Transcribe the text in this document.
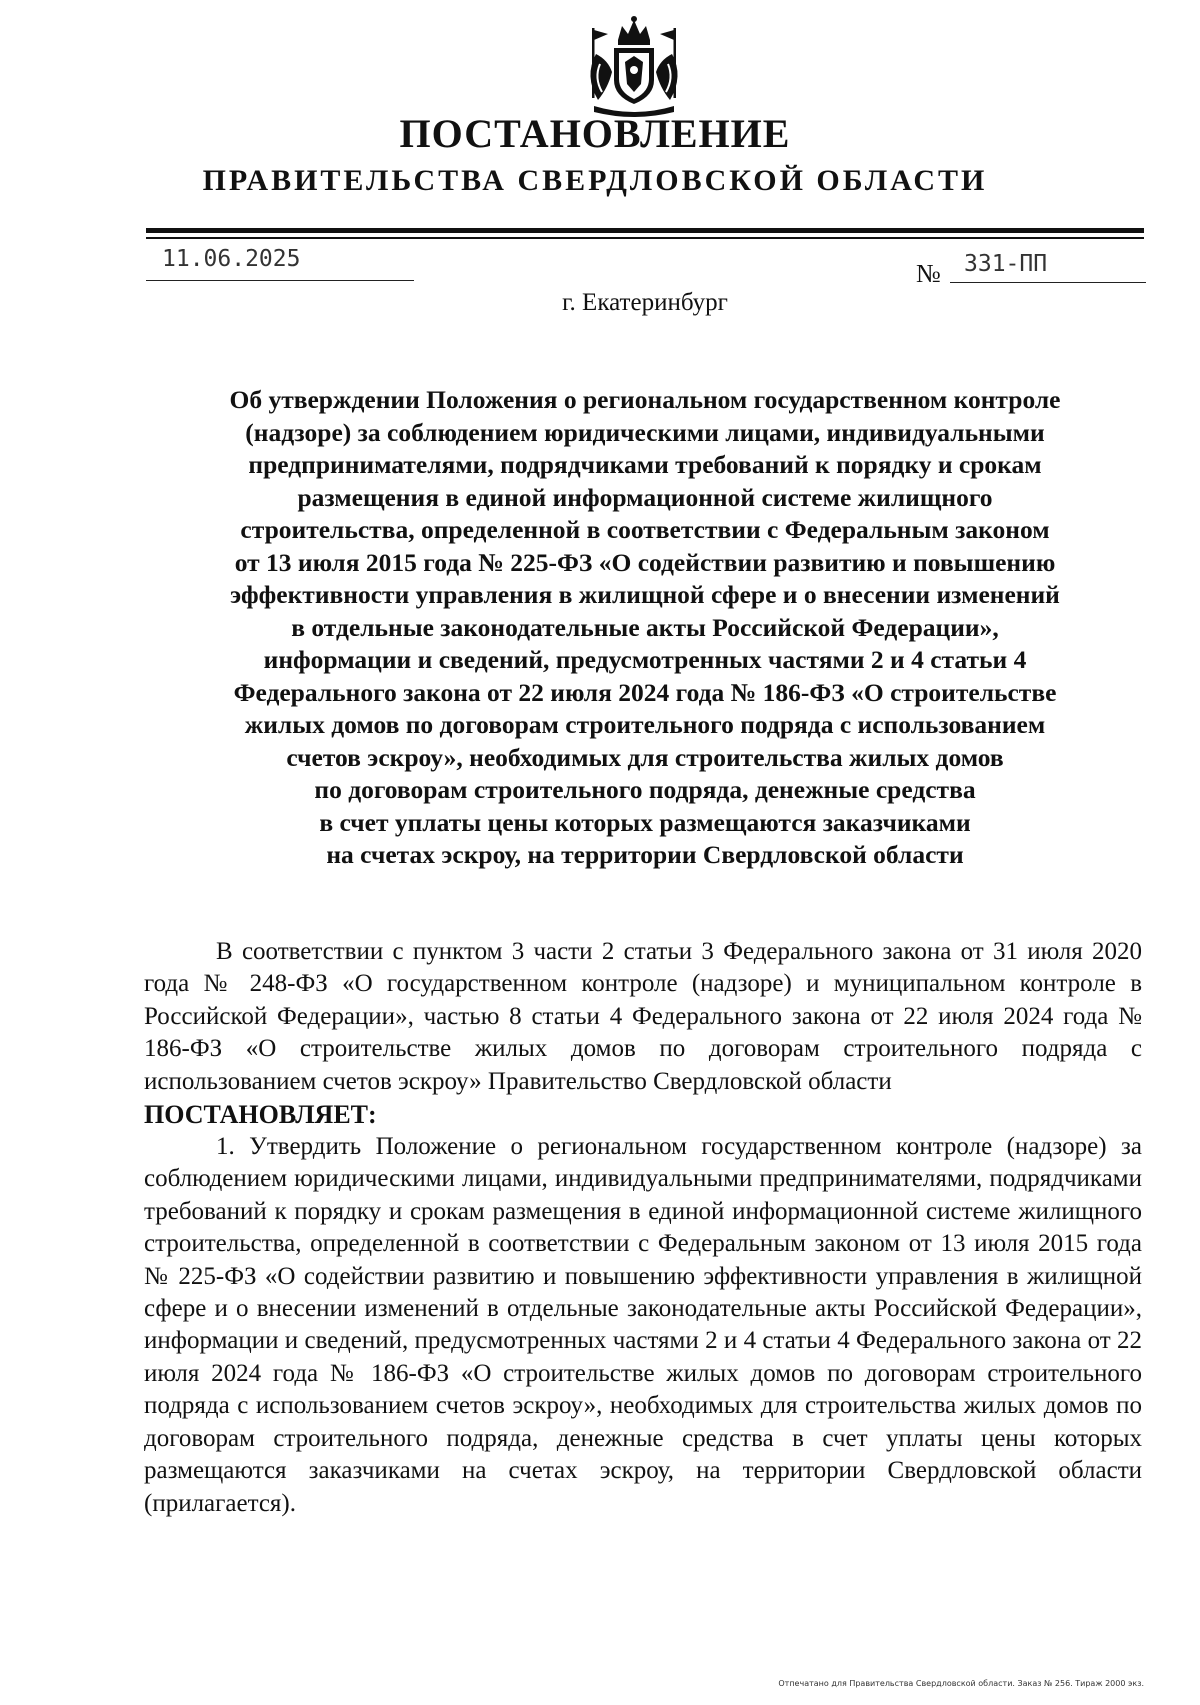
ПОСТАНОВЛЕНИЕ
ПРАВИТЕЛЬСТВА СВЕРДЛОВСКОЙ ОБЛАСТИ
11.06.2025	№ 331-ПП
г. Екатеринбург
Об утверждении Положения о региональном государственном контроле
(надзоре) за соблюдением юридическими лицами, индивидуальными
предпринимателями, подрядчиками требований к порядку и срокам
размещения в единой информационной системе жилищного
строительства, определенной в соответствии с Федеральным законом
от 13 июля 2015 года № 225-ФЗ «О содействии развитию и повышению
эффективности управления в жилищной сфере и о внесении изменений
в отдельные законодательные акты Российской Федерации»,
информации и сведений, предусмотренных частями 2 и 4 статьи 4
Федерального закона от 22 июля 2024 года № 186-ФЗ «О строительстве
жилых домов по договорам строительного подряда с использованием
счетов эскроу», необходимых для строительства жилых домов
по договорам строительного подряда, денежные средства
в счет уплаты цены которых размещаются заказчиками
на счетах эскроу, на территории Свердловской области

В соответствии с пунктом 3 части 2 статьи 3 Федерального закона от 31 июля 2020 года № 248-ФЗ «О государственном контроле (надзоре) и муниципальном контроле в Российской Федерации», частью 8 статьи 4 Федерального закона от 22 июля 2024 года № 186-ФЗ «О строительстве жилых домов по договорам строительного подряда с использованием счетов эскроу» Правительство Свердловской области

ПОСТАНОВЛЯЕТ:

1. Утвердить Положение о региональном государственном контроле (надзоре) за соблюдением юридическими лицами, индивидуальными предпринимателями, подрядчиками требований к порядку и срокам размещения в единой информационной системе жилищного строительства, определенной в соответствии с Федеральным законом от 13 июля 2015 года № 225-ФЗ «О содействии развитию и повышению эффективности управления в жилищной сфере и о внесении изменений в отдельные законодательные акты Российской Федерации», информации и сведений, предусмотренных частями 2 и 4 статьи 4 Федерального закона от 22 июля 2024 года № 186-ФЗ «О строительстве жилых домов по договорам строительного подряда с использованием счетов эскроу», необходимых для строительства жилых домов по договорам строительного подряда, денежные средства в счет уплаты цены которых размещаются заказчиками на счетах эскроу, на территории Свердловской области (прилагается).

Отпечатано для Правительства Свердловской области. Заказ № 256. Тираж 2000 экз.
